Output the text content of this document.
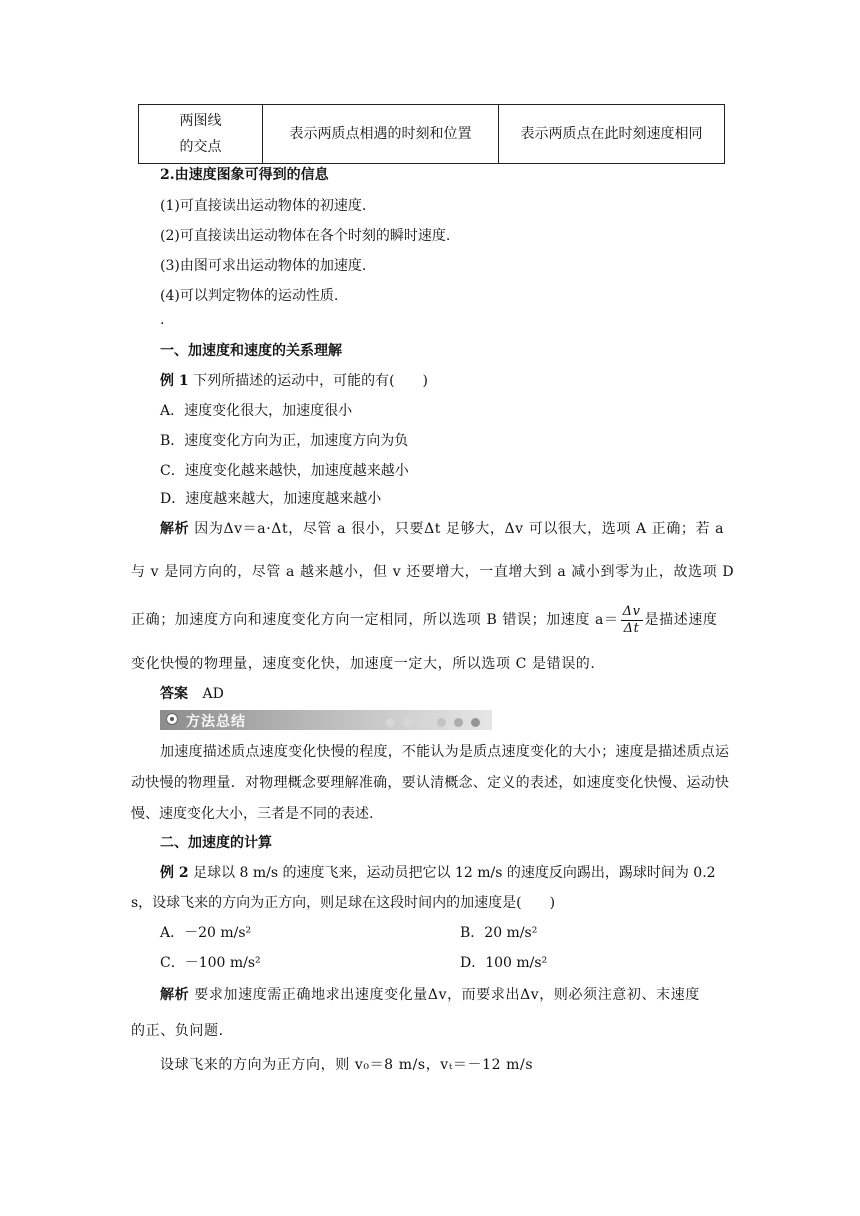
两图线
的交点
	表示两质点相遇的时刻和位置	表示两质点在此时刻速度相同
2.由速度图象可得到的信息
(1)可直接读出运动物体的初速度.
(2)可直接读出运动物体在各个时刻的瞬时速度.
(3)由图可求出运动物体的加速度.
(4)可以判定物体的运动性质.
.
一、加速度和速度的关系理解
例 1 下列所描述的运动中，可能的有(　　)
A．速度变化很大，加速度很小
B．速度变化方向为正，加速度方向为负
C．速度变化越来越快，加速度越来越小
D．速度越来越大，加速度越来越小
解析 因为Δv＝a·Δt，尽管 a 很小，只要Δt 足够大，Δv 可以很大，选项 A 正确；若 a
与 v 是同方向的，尽管 a 越来越小，但 v 还要增大，一直增大到 a 减小到零为止，故选项 D
正确；加速度方向和速度变化方向一定相同，所以选项 B 错误；加速度 $a= \frac{\Delta v}{\Delta t}$ 是描述速度
变化快慢的物理量，速度变化快，加速度一定大，所以选项 C 是错误的.
答案 AD
方法总结
加速度描述质点速度变化快慢的程度，不能认为是质点速度变化的大小；速度是描述质点运动快慢的物理量．对物理概念要理解准确，要认清概念、定义的表述，如速度变化快慢、运动快慢、速度变化大小，三者是不同的表述.
二、加速度的计算
例 2 足球以 8 m/s 的速度飞来，运动员把它以 12 m/s 的速度反向踢出，踢球时间为 0.2
s，设球飞来的方向为正方向，则足球在这段时间内的加速度是(　　)
A．－20 m/s²	B．20 m/s²
C．－100 m/s²	D．100 m/s²
解析 要求加速度需正确地求出速度变化量Δv，而要求出Δv，则必须注意初、末速度
的正、负问题.
设球飞来的方向为正方向，则 v₀＝8 m/s，vₜ＝－12 m/s
